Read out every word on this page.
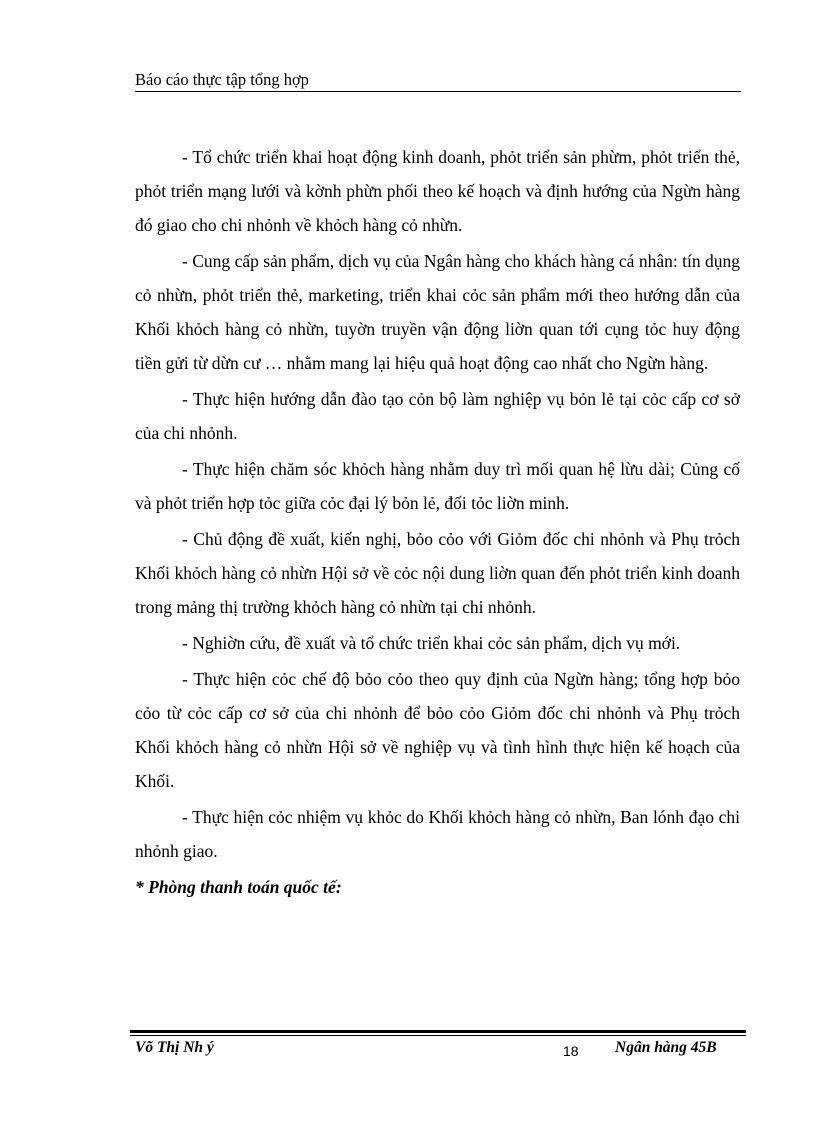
Báo cáo thực tập tổng hợp

- Tổ chức triển khai hoạt động kinh doanh, phỏt triển sản phừm, phỏt triển thẻ, phỏt triển mạng lưới và kờnh phừn phối theo kế hoạch và định hướng của Ngừn hàng đó giao cho chi nhỏnh về khỏch hàng cỏ nhừn.

- Cung cấp sản phẩm, dịch vụ của Ngân hàng cho khách hàng cá nhân: tín dụng cỏ nhừn, phỏt triển thẻ, marketing, triển khai cỏc sản phẩm mới theo hướng dẫn của Khối khỏch hàng cỏ nhừn, tuyờn truyền vận động liờn quan tới cụng tỏc huy động tiền gửi từ dừn cư … nhằm mang lại hiệu quả hoạt động cao nhất cho Ngừn hàng.

- Thực hiện hướng dẫn đào tạo cỏn bộ làm nghiệp vụ bỏn lẻ tại cỏc cấp cơ sở của chi nhỏnh.

- Thực hiện chăm sóc khỏch hàng nhằm duy trì mối quan hệ lừu dài; Củng cố và phỏt triển hợp tỏc giữa cỏc đại lý bỏn lẻ, đối tỏc liờn minh.

- Chủ động đề xuất, kiến nghị, bỏo cỏo với Giỏm đốc chi nhỏnh và Phụ trỏch Khối khỏch hàng cỏ nhừn Hội sở về cỏc nội dung liờn quan đến phỏt triển kinh doanh trong mảng thị trường khỏch hàng cỏ nhừn tại chi nhỏnh.

- Nghiờn cứu, đề xuất và tổ chức triển khai cỏc sản phẩm, dịch vụ mới.

- Thực hiện cỏc chế độ bỏo cỏo theo quy định của Ngừn hàng; tổng hợp bỏo cỏo từ cỏc cấp cơ sở của chi nhỏnh để bỏo cỏo Giỏm đốc chi nhỏnh và Phụ trỏch Khối khỏch hàng cỏ nhừn Hội sở về nghiệp vụ và tình hình thực hiện kế hoạch của Khối.

- Thực hiện cỏc nhiệm vụ khỏc do Khối khỏch hàng cỏ nhừn, Ban lónh đạo chi nhỏnh giao.

* Phòng thanh toán quốc tế:

Võ Thị Nh ý	18 Ngân hàng 45B
